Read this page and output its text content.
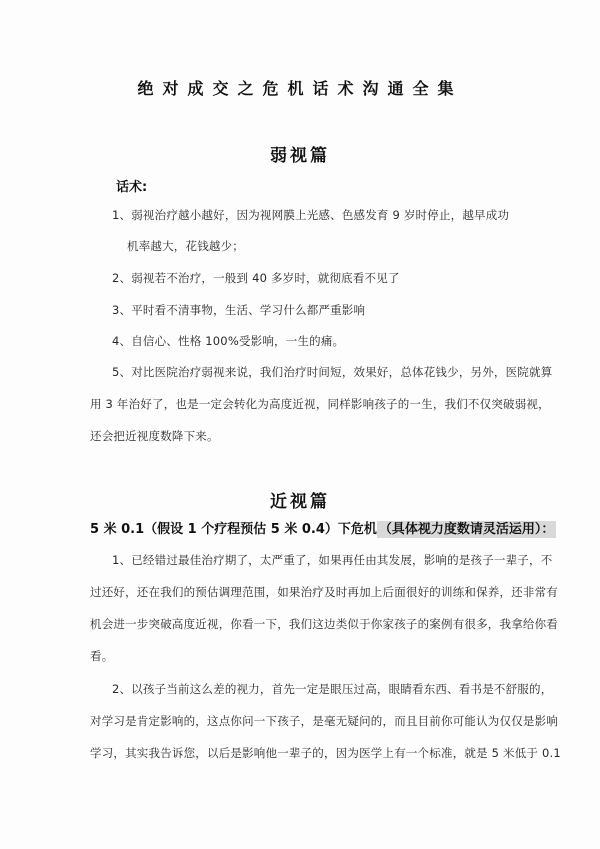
绝对成交之危机话术沟通全集
弱视篇
话术:
1、弱视治疗越小越好，因为视网膜上光感、色感发育 9 岁时停止，越早成功
机率越大，花钱越少；
2、弱视若不治疗，一般到 40 多岁时，就彻底看不见了
3、平时看不清事物，生活、学习什么都严重影响
4、自信心、性格 100%受影响，一生的痛。
5、对比医院治疗弱视来说，我们治疗时间短，效果好，总体花钱少，另外，医院就算
用 3 年治好了，也是一定会转化为高度近视，同样影响孩子的一生，我们不仅突破弱视，
还会把近视度数降下来。
近视篇
5 米 0.1（假设 1 个疗程预估 5 米 0.4）下危机 （具体视力度数请灵活运用）：
1、已经错过最佳治疗期了，太严重了，如果再任由其发展，影响的是孩子一辈子，不
过还好，还在我们的预估调理范围，如果治疗及时再加上后面很好的训练和保养，还非常有
机会进一步突破高度近视，你看一下，我们这边类似于你家孩子的案例有很多，我拿给你看
看。
2、以孩子当前这么差的视力，首先一定是眼压过高，眼睛看东西、看书是不舒服的，
对学习是肯定影响的，这点你问一下孩子，是毫无疑问的，而且目前你可能认为仅仅是影响
学习，其实我告诉您，以后是影响他一辈子的，因为医学上有一个标准，就是 5 米低于 0.1
